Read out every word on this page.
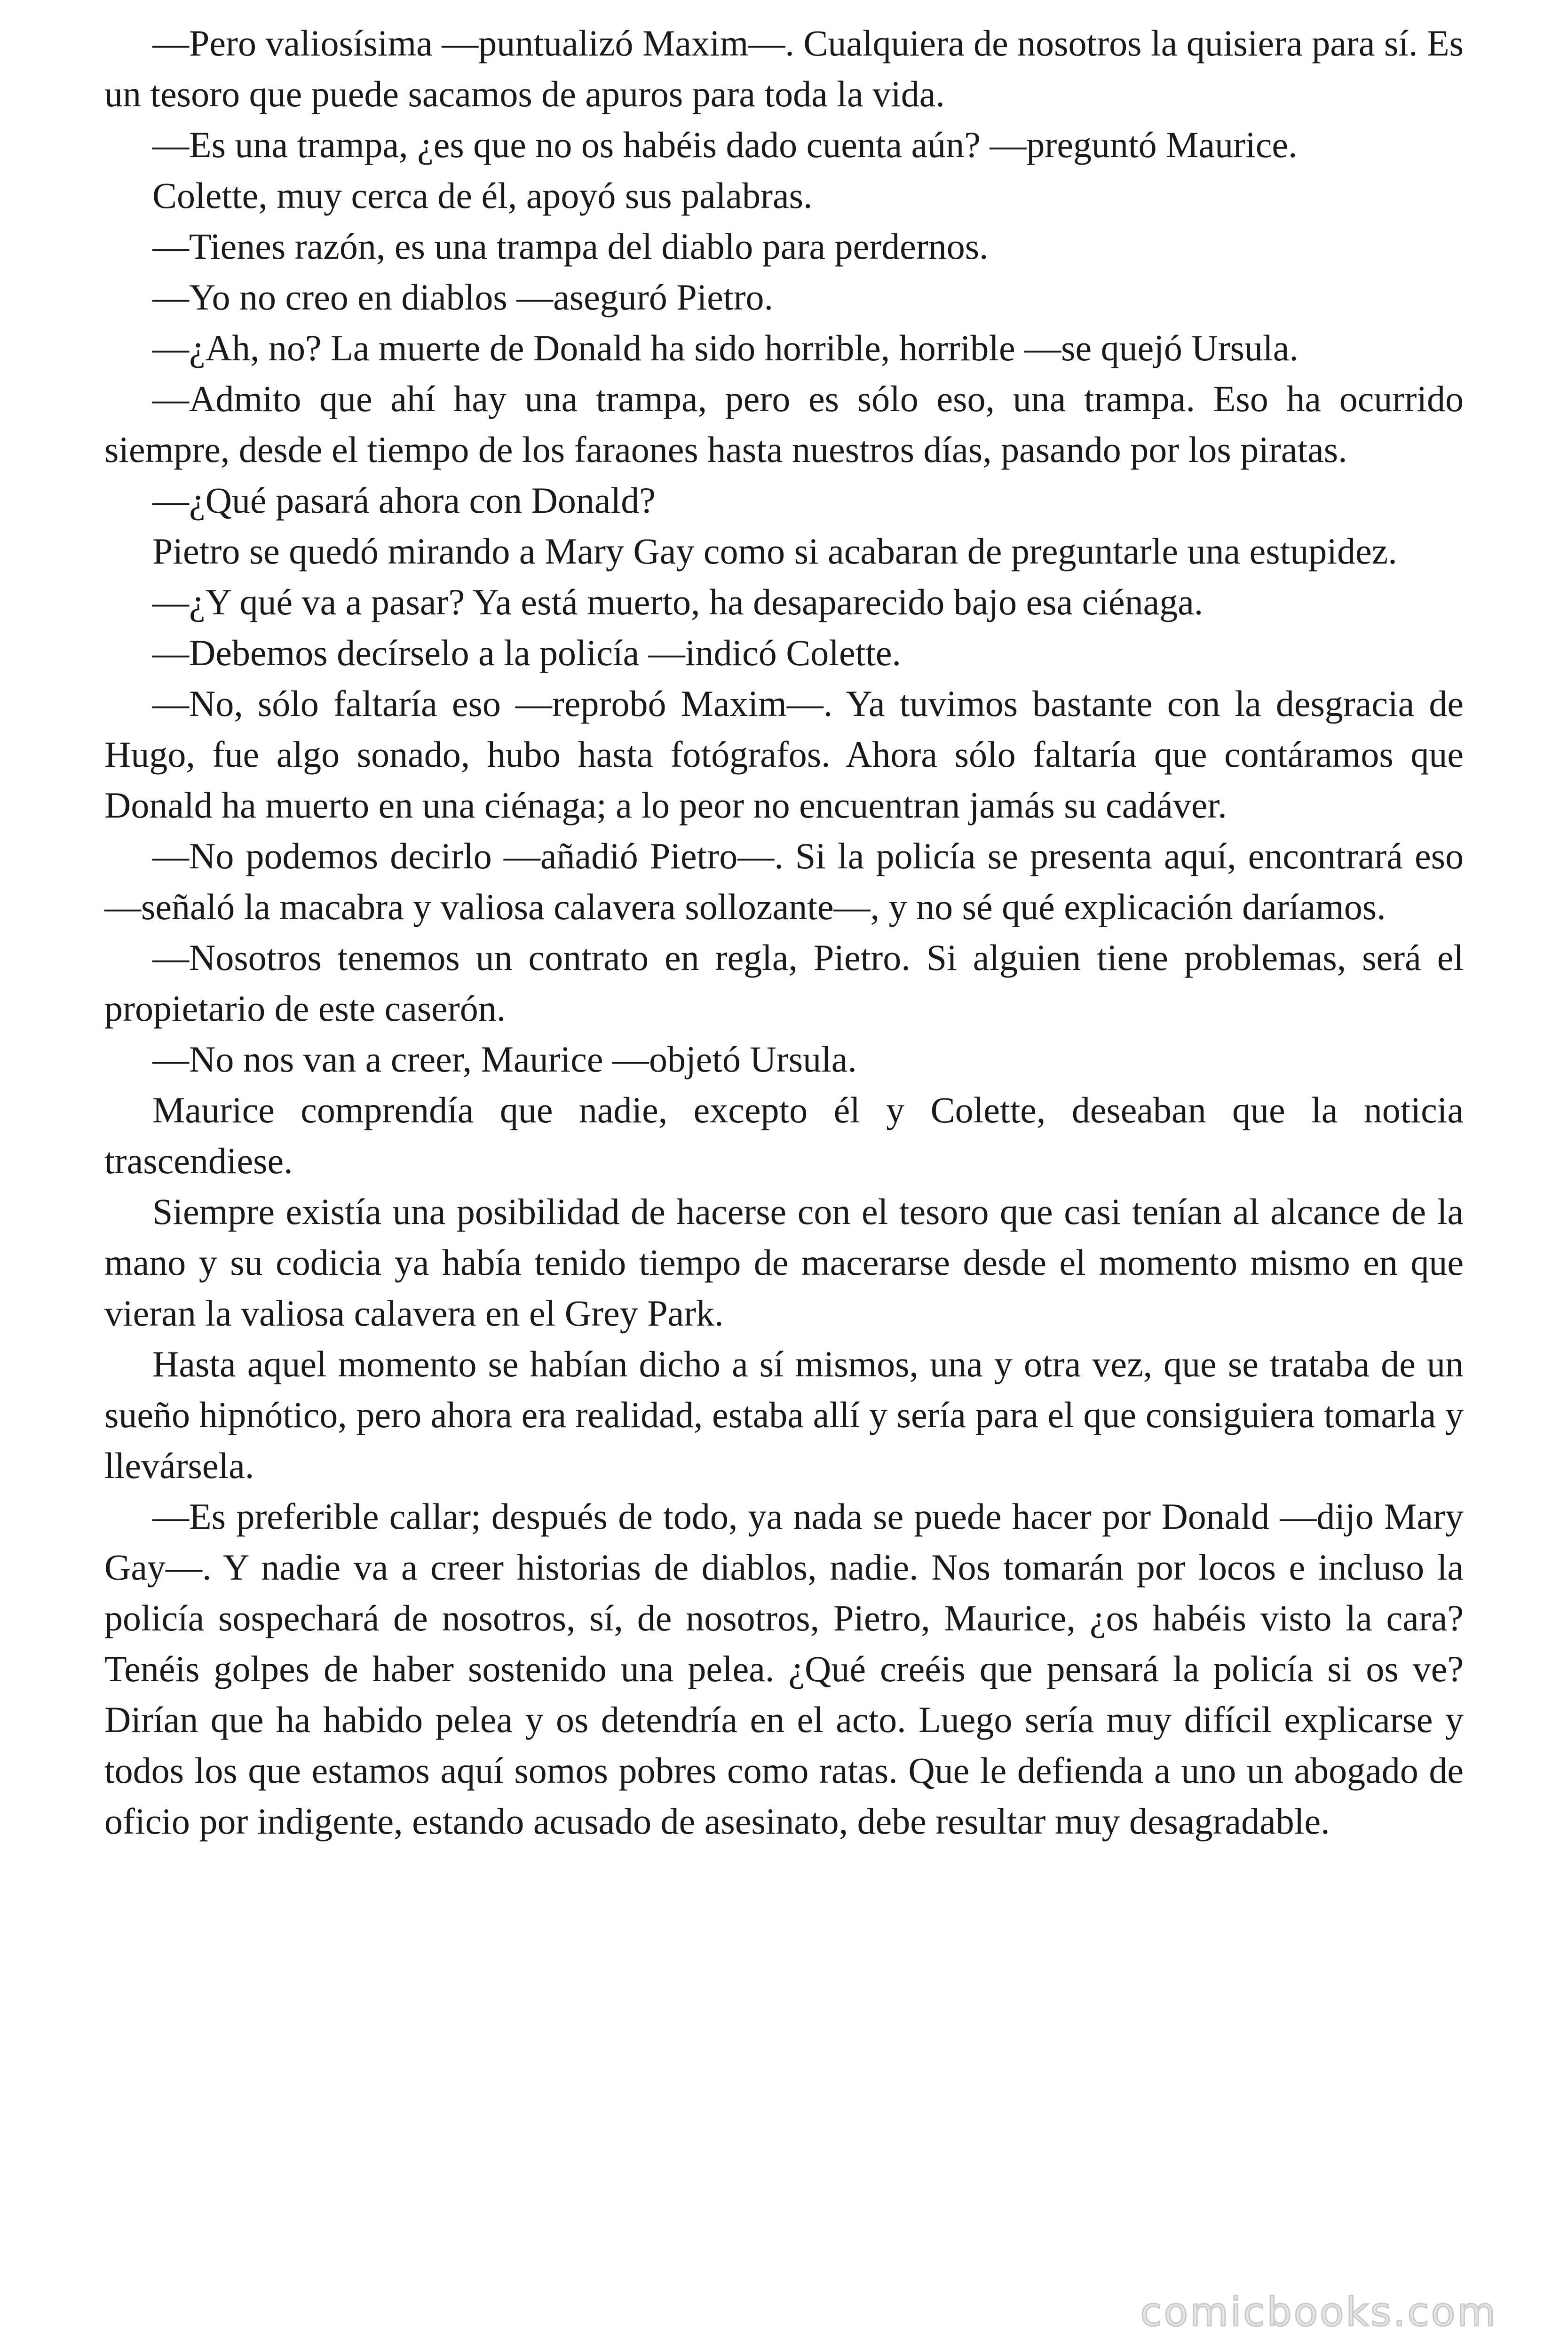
—Pero valiosísima —puntualizó Maxim—. Cualquiera de nosotros la quisiera para sí. Es un tesoro que puede sacamos de apuros para toda la vida.

—Es una trampa, ¿es que no os habéis dado cuenta aún? —preguntó Maurice.

Colette, muy cerca de él, apoyó sus palabras.

—Tienes razón, es una trampa del diablo para perdernos.

—Yo no creo en diablos —aseguró Pietro.

—¿Ah, no? La muerte de Donald ha sido horrible, horrible —se quejó Ursula.

—Admito que ahí hay una trampa, pero es sólo eso, una trampa. Eso ha ocurrido siempre, desde el tiempo de los faraones hasta nuestros días, pasando por los piratas.

—¿Qué pasará ahora con Donald?

Pietro se quedó mirando a Mary Gay como si acabaran de preguntarle una estupidez.

—¿Y qué va a pasar? Ya está muerto, ha desaparecido bajo esa ciénaga.

—Debemos decírselo a la policía —indicó Colette.

—No, sólo faltaría eso —reprobó Maxim—. Ya tuvimos bastante con la desgracia de Hugo, fue algo sonado, hubo hasta fotógrafos. Ahora sólo faltaría que contáramos que Donald ha muerto en una ciénaga; a lo peor no encuentran jamás su cadáver.

—No podemos decirlo —añadió Pietro—. Si la policía se presenta aquí, encontrará eso —señaló la macabra y valiosa calavera sollozante—, y no sé qué explicación daríamos.

—Nosotros tenemos un contrato en regla, Pietro. Si alguien tiene problemas, será el propietario de este caserón.

—No nos van a creer, Maurice —objetó Ursula.

Maurice comprendía que nadie, excepto él y Colette, deseaban que la noticia trascendiese.

Siempre existía una posibilidad de hacerse con el tesoro que casi tenían al alcance de la mano y su codicia ya había tenido tiempo de macerarse desde el momento mismo en que vieran la valiosa calavera en el Grey Park.

Hasta aquel momento se habían dicho a sí mismos, una y otra vez, que se trataba de un sueño hipnótico, pero ahora era realidad, estaba allí y sería para el que consiguiera tomarla y llevársela.

—Es preferible callar; después de todo, ya nada se puede hacer por Donald —dijo Mary Gay—. Y nadie va a creer historias de diablos, nadie. Nos tomarán por locos e incluso la policía sospechará de nosotros, sí, de nosotros, Pietro, Maurice, ¿os habéis visto la cara? Tenéis golpes de haber sostenido una pelea. ¿Qué creéis que pensará la policía si os ve? Dirían que ha habido pelea y os detendría en el acto. Luego sería muy difícil explicarse y todos los que estamos aquí somos pobres como ratas. Que le defienda a uno un abogado de oficio por indigente, estando acusado de asesinato, debe resultar muy desagradable.

comicbooks.com
